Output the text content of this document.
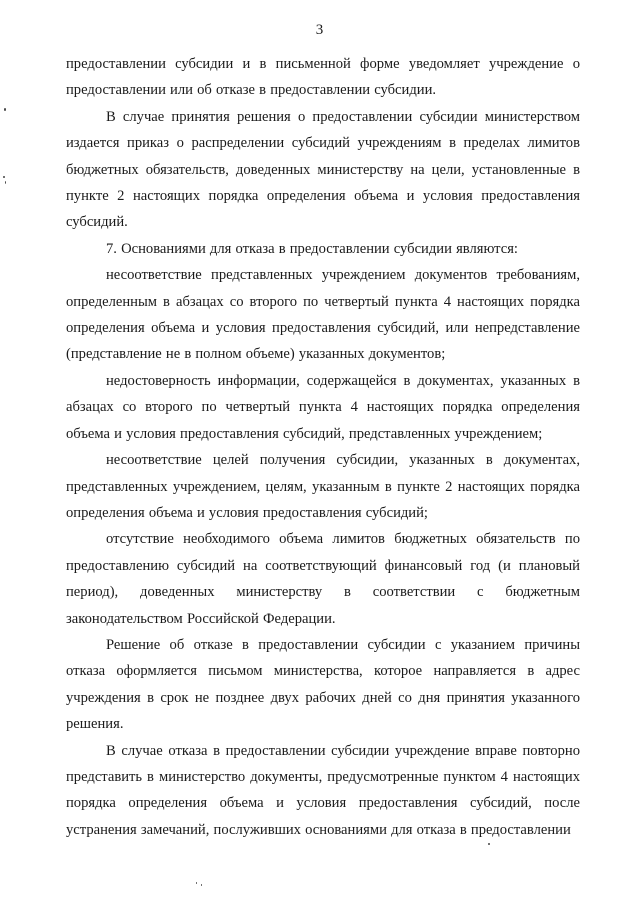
3

предоставлении субсидии и в письменной форме уведомляет учреждение о предоставлении или об отказе в предоставлении субсидии.

В случае принятия решения о предоставлении субсидии министерством издается приказ о распределении субсидий учреждениям в пределах лимитов бюджетных обязательств, доведенных министерству на цели, установленные в пункте 2 настоящих порядка определения объема и условия предоставления субсидий.

7. Основаниями для отказа в предоставлении субсидии являются:

несоответствие представленных учреждением документов требованиям, определенным в абзацах со второго по четвертый пункта 4 настоящих порядка определения объема и условия предоставления субсидий, или непредставление (представление не в полном объеме) указанных документов;

недостоверность информации, содержащейся в документах, указанных в абзацах со второго по четвертый пункта 4 настоящих порядка определения объема и условия предоставления субсидий, представленных учреждением;

несоответствие целей получения субсидии, указанных в документах, представленных учреждением, целям, указанным в пункте 2 настоящих порядка определения объема и условия предоставления субсидий;

отсутствие необходимого объема лимитов бюджетных обязательств по предоставлению субсидий на соответствующий финансовый год (и плановый период), доведенных министерству в соответствии с бюджетным законодательством Российской Федерации.

Решение об отказе в предоставлении субсидии с указанием причины отказа оформляется письмом министерства, которое направляется в адрес учреждения в срок не позднее двух рабочих дней со дня принятия указанного решения.

В случае отказа в предоставлении субсидии учреждение вправе повторно представить в министерство документы, предусмотренные пунктом 4 настоящих порядка определения объема и условия предоставления субсидий, после устранения замечаний, послуживших основаниями для отказа в предоставлении
